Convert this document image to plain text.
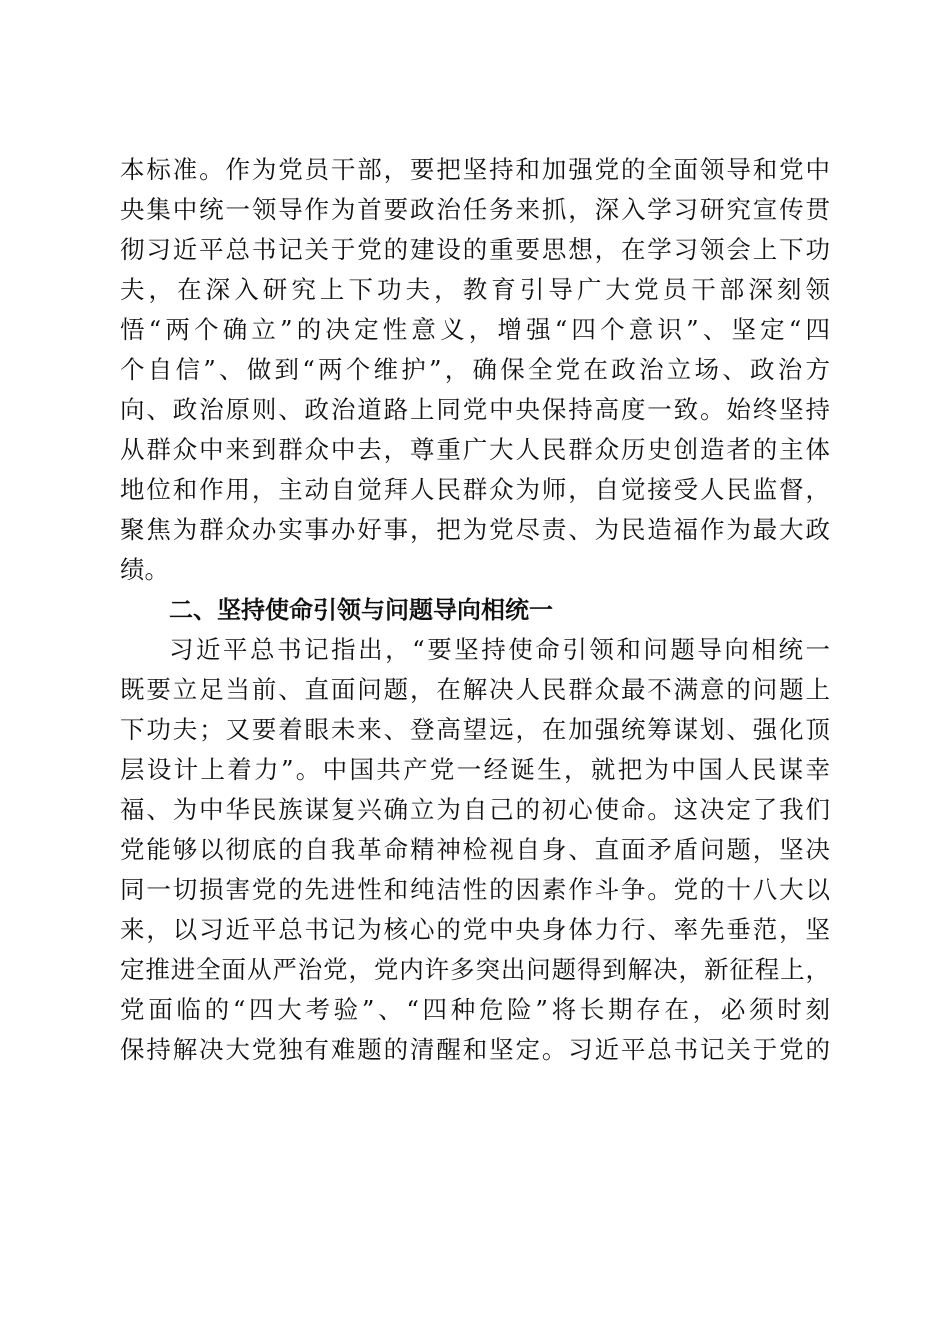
本标准。作为党员干部，要把坚持和加强党的全面领导和党中
央集中统一领导作为首要政治任务来抓，深入学习研究宣传贯
彻习近平总书记关于党的建设的重要思想，在学习领会上下功
夫，在深入研究上下功夫，教育引导广大党员干部深刻领
悟“两个确立”的决定性意义，增强“四个意识”、坚定“四
个自信”、做到“两个维护”，确保全党在政治立场、政治方
向、政治原则、政治道路上同党中央保持高度一致。始终坚持
从群众中来到群众中去，尊重广大人民群众历史创造者的主体
地位和作用，主动自觉拜人民群众为师，自觉接受人民监督，
聚焦为群众办实事办好事，把为党尽责、为民造福作为最大政
绩。
二、坚持使命引领与问题导向相统一
习近平总书记指出，“要坚持使命引领和问题导向相统一
既要立足当前、直面问题，在解决人民群众最不满意的问题上
下功夫；又要着眼未来、登高望远，在加强统筹谋划、强化顶
层设计上着力”。中国共产党一经诞生，就把为中国人民谋幸
福、为中华民族谋复兴确立为自己的初心使命。这决定了我们
党能够以彻底的自我革命精神检视自身、直面矛盾问题，坚决
同一切损害党的先进性和纯洁性的因素作斗争。党的十八大以
来，以习近平总书记为核心的党中央身体力行、率先垂范，坚
定推进全面从严治党，党内许多突出问题得到解决，新征程上，
党面临的“四大考验”、“四种危险”将长期存在，必须时刻
保持解决大党独有难题的清醒和坚定。习近平总书记关于党的
